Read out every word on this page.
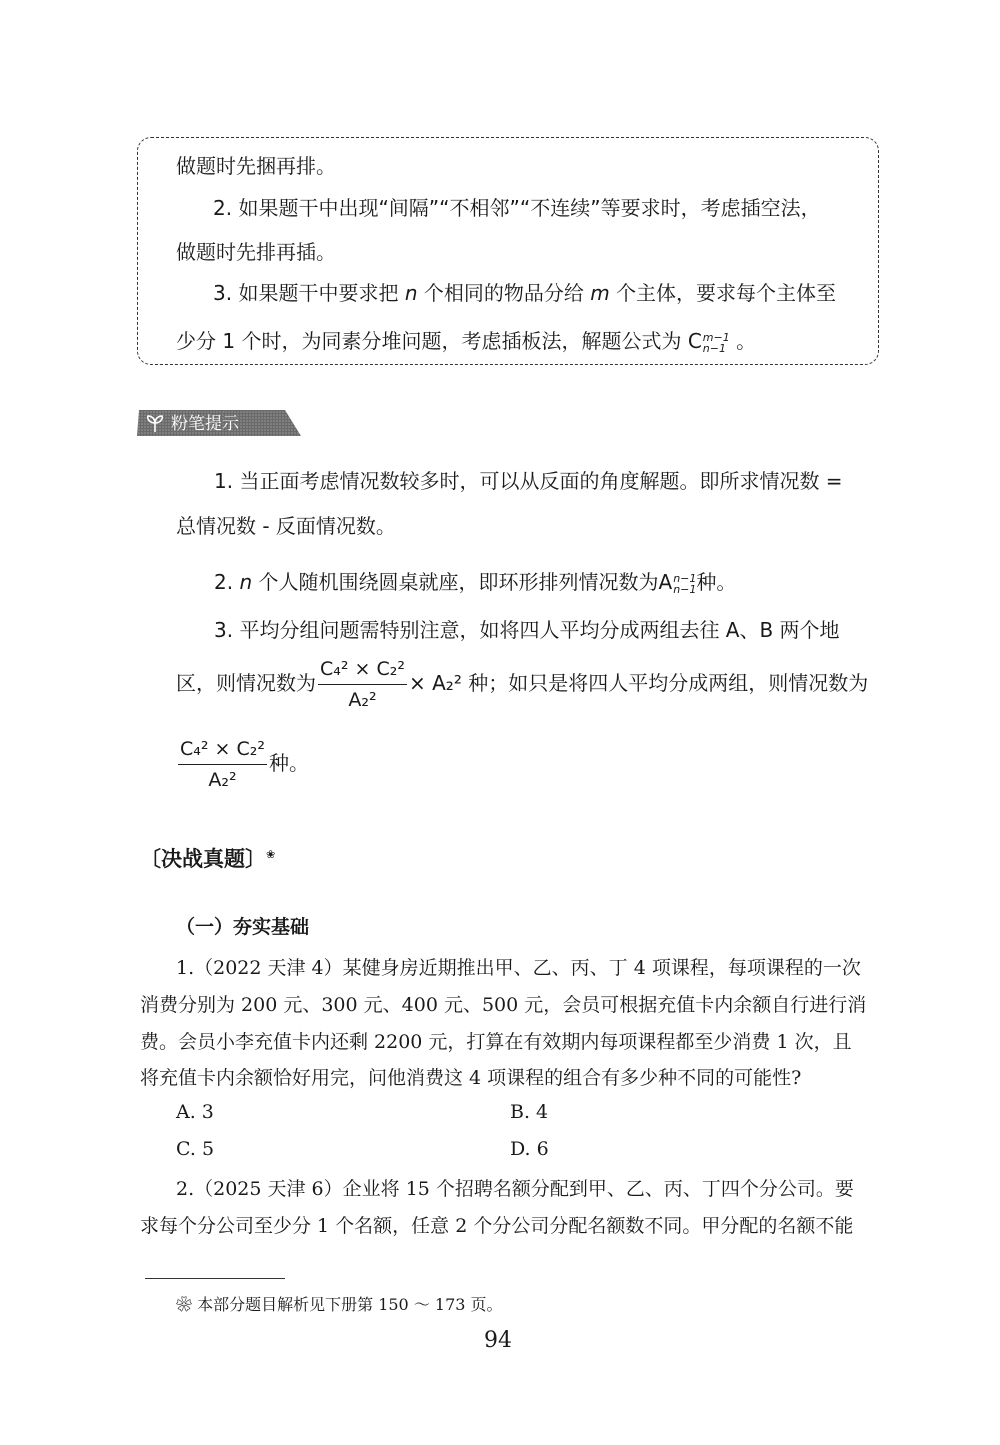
做题时先捆再排。
2. 如果题干中出现“间隔”“不相邻”“不连续”等要求时，考虑插空法，
做题时先排再插。
3. 如果题干中要求把 n 个相同的物品分给 m 个主体，要求每个主体至
少分 1 个时，为同素分堆问题，考虑插板法，解题公式为 C m−1
n−1 。
粉笔提示
1. 当正面考虑情况数较多时，可以从反面的角度解题。即所求情况数 =
总情况数 - 反面情况数。
2. n 个人随机围绕圆桌就座，即环形排列情况数为A n−1
n−1 种。
3. 平均分组问题需特别注意，如将四人平均分成两组去往 A、B 两个地
区，则情况数为 $\frac{\text{C₄² × C₂²}}{\text{A₂²}} \times A_2^2$ 种；如只是将四人平均分成两组，则情况数为
$\frac{\text{C₄² × C₂²}}{\text{A₂²}}$ 种。
〔决战真题〕❀
（一）夯实基础
1.（2022 天津 4）某健身房近期推出甲、乙、丙、丁 4 项课程，每项课程的一次
消费分别为 200 元、300 元、400 元、500 元，会员可根据充值卡内余额自行进行消
费。会员小李充值卡内还剩 2200 元，打算在有效期内每项课程都至少消费 1 次，且
将充值卡内余额恰好用完，问他消费这 4 项课程的组合有多少种不同的可能性?
A. 3	B. 4
C. 5	D. 6
2.（2025 天津 6）企业将 15 个招聘名额分配到甲、乙、丙、丁四个分公司。要
求每个分公司至少分 1 个名额，任意 2 个分公司分配名额数不同。甲分配的名额不能
❀ 本部分题目解析见下册第 150 ～ 173 页。
94
